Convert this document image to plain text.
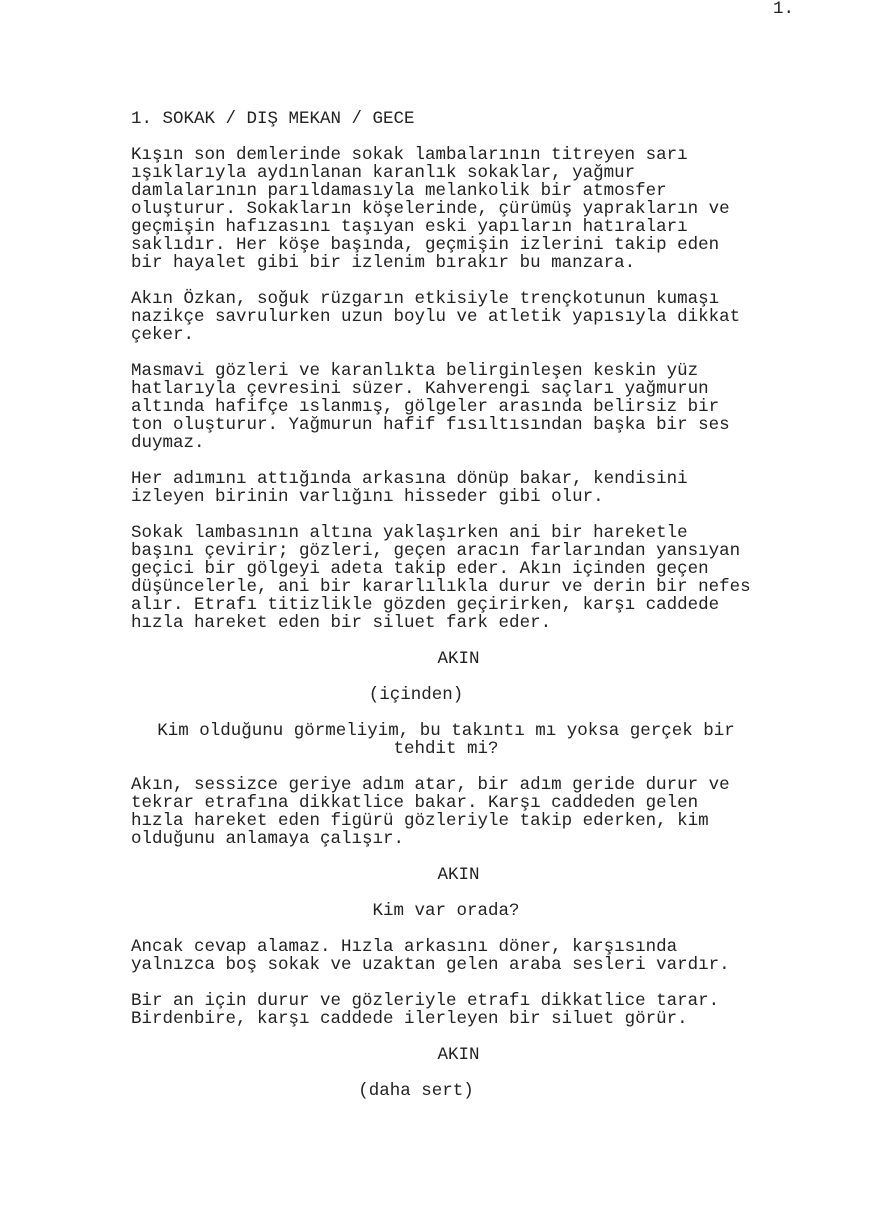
1.
1. SOKAK / DIŞ MEKAN / GECE
Kışın son demlerinde sokak lambalarının titreyen sarı
ışıklarıyla aydınlanan karanlık sokaklar, yağmur
damlalarının parıldamasıyla melankolik bir atmosfer
oluşturur. Sokakların köşelerinde, çürümüş yaprakların ve
geçmişin hafızasını taşıyan eski yapıların hatıraları
saklıdır. Her köşe başında, geçmişin izlerini takip eden
bir hayalet gibi bir izlenim bırakır bu manzara.
Akın Özkan, soğuk rüzgarın etkisiyle trençkotunun kumaşı
nazikçe savrulurken uzun boylu ve atletik yapısıyla dikkat
çeker.
Masmavi gözleri ve karanlıkta belirginleşen keskin yüz
hatlarıyla çevresini süzer. Kahverengi saçları yağmurun
altında hafifçe ıslanmış, gölgeler arasında belirsiz bir
ton oluşturur. Yağmurun hafif fısıltısından başka bir ses
duymaz.
Her adımını attığında arkasına dönüp bakar, kendisini
izleyen birinin varlığını hisseder gibi olur.
Sokak lambasının altına yaklaşırken ani bir hareketle
başını çevirir; gözleri, geçen aracın farlarından yansıyan
geçici bir gölgeyi adeta takip eder. Akın içinden geçen
düşüncelerle, ani bir kararlılıkla durur ve derin bir nefes
alır. Etrafı titizlikle gözden geçirirken, karşı caddede
hızla hareket eden bir siluet fark eder.
AKIN
(içinden)
Kim olduğunu görmeliyim, bu takıntı mı yoksa gerçek bir
tehdit mi?
Akın, sessizce geriye adım atar, bir adım geride durur ve
tekrar etrafına dikkatlice bakar. Karşı caddeden gelen
hızla hareket eden figürü gözleriyle takip ederken, kim
olduğunu anlamaya çalışır.
AKIN
Kim var orada?
Ancak cevap alamaz. Hızla arkasını döner, karşısında
yalnızca boş sokak ve uzaktan gelen araba sesleri vardır.
Bir an için durur ve gözleriyle etrafı dikkatlice tarar.
Birdenbire, karşı caddede ilerleyen bir siluet görür.
AKIN
(daha sert)
